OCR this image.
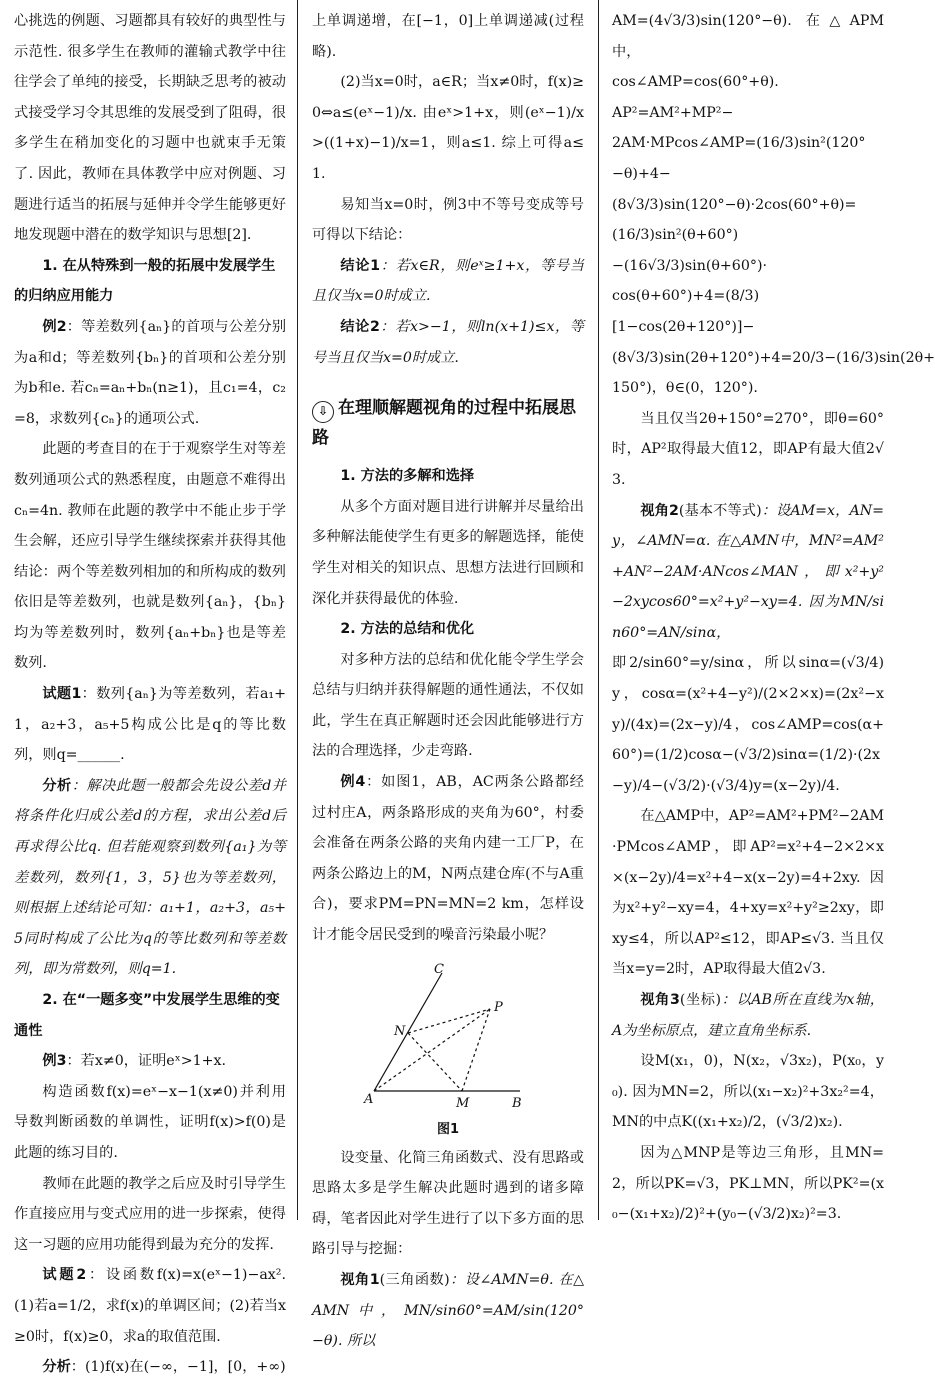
心挑选的例题、习题都具有较好的典型性与示范性. 很多学生在教师的灌输式教学中往往学会了单纯的接受，长期缺乏思考的被动式接受学习令其思维的发展受到了阻碍，很多学生在稍加变化的习题中也就束手无策了. 因此，教师在具体教学中应对例题、习题进行适当的拓展与延伸并令学生能够更好地发现题中潜在的数学知识与思想[2].

1. 在从特殊到一般的拓展中发展学生的归纳应用能力

例2：等差数列{aₙ}的首项与公差分别为a和d；等差数列{bₙ}的首项和公差分别为b和e. 若cₙ=aₙ+bₙ(n≥1)，且c₁=4，c₂=8，求数列{cₙ}的通项公式.

此题的考查目的在于于观察学生对等差数列通项公式的熟悉程度，由题意不难得出cₙ=4n. 教师在此题的教学中不能止步于学生会解，还应引导学生继续探索并获得其他结论：两个等差数列相加的和所构成的数列依旧是等差数列，也就是数列{aₙ}，{bₙ}均为等差数列时，数列{aₙ+bₙ}也是等差数列.

试题1：数列{aₙ}为等差数列，若a₁+1，a₂+3，a₅+5构成公比是q的等比数列，则q=______.

分析：解决此题一般都会先设公差d并将条件化归成公差d的方程，求出公差d后再求得公比q. 但若能观察到数列{a₁}为等差数列，数列{1，3，5}也为等差数列，则根据上述结论可知：a₁+1，a₂+3，a₅+5同时构成了公比为q的等比数列和等差数列，即为常数列，则q=1.

2. 在“一题多变”中发展学生思维的变通性

例3：若x≠0，证明eˣ>1+x.

构造函数f(x)=eˣ−x−1(x≠0)并利用导数判断函数的单调性，证明f(x)>f(0)是此题的练习目的.

教师在此题的教学之后应及时引导学生作直接应用与变式应用的进一步探索，使得这一习题的应用功能得到最为充分的发挥.

试题2：设函数f(x)=x(eˣ−1)−ax². (1)若a=1/2，求f(x)的单调区间；(2)若当x≥0时，f(x)≥0，求a的取值范围.

分析：(1)f(x)在(−∞，−1]，[0，+∞)

上单调递增，在[−1，0]上单调递减(过程略).

(2)当x=0时，a∈R；当x≠0时，f(x)≥0⇔a≤(eˣ−1)/x. 由eˣ>1+x，则(eˣ−1)/x>((1+x)−1)/x=1，则a≤1. 综上可得a≤1.

易知当x=0时，例3中不等号变成等号可得以下结论：

结论1：若x∈R，则eˣ≥1+x，等号当且仅当x=0时成立.

结论2：若x>−1，则ln(x+1)≤x，等号当且仅当x=0时成立.

⇩ 在理顺解题视角的过程中拓展思路

1. 方法的多解和选择

从多个方面对题目进行讲解并尽量给出多种解法能使学生有更多的解题选择，能使学生对相关的知识点、思想方法进行回顾和深化并获得最优的体验.

2. 方法的总结和优化

对多种方法的总结和优化能令学生学会总结与归纳并获得解题的通性通法，不仅如此，学生在真正解题时还会因此能够进行方法的合理选择，少走弯路.

例4：如图1，AB，AC两条公路都经过村庄A，两条路形成的夹角为60°，村委会准备在两条公路的夹角内建一工厂P，在两条公路边上的M，N两点建仓库(不与A重合)，要求PM=PN=MN=2 km，怎样设计才能令居民受到的噪音污染最小呢？

A	B
C
M
N
P

图1

设变量、化简三角函数式、没有思路或思路太多是学生解决此题时遇到的诸多障碍，笔者因此对学生进行了以下多方面的思路引导与挖掘：

视角1(三角函数)：设∠AMN=θ. 在△AMN中，MN/sin60°=AM/sin(120°−θ). 所以

AM=(4√3/3)sin(120°−θ). 在△APM中，

cos∠AMP=cos(60°+θ). AP²=AM²+MP²−

2AM·MPcos∠AMP=(16/3)sin²(120°−θ)+4−

(8√3/3)sin(120°−θ)·2cos(60°+θ)=

(16/3)sin²(θ+60°)−(16√3/3)sin(θ+60°)·

cos(θ+60°)+4=(8/3)[1−cos(2θ+120°)]−

(8√3/3)sin(2θ+120°)+4=20/3−(16/3)sin(2θ+

150°)，θ∈(0，120°).

当且仅当2θ+150°=270°，即θ=60°时，AP²取得最大值12，即AP有最大值2√3.

视角2(基本不等式)：设AM=x，AN=y，∠AMN=α. 在△AMN中，MN²=AM²+AN²−2AM·ANcos∠MAN，即x²+y²−2xycos60°=x²+y²−xy=4. 因为MN/sin60°=AN/sinα，

即2/sin60°=y/sinα，所以sinα=(√3/4)y，cosα=(x²+4−y²)/(2×2×x)=(2x²−xy)/(4x)=(2x−y)/4，cos∠AMP=cos(α+60°)=(1/2)cosα−(√3/2)sinα=(1/2)·(2x−y)/4−(√3/2)·(√3/4)y=(x−2y)/4.

在△AMP中，AP²=AM²+PM²−2AM·PMcos∠AMP，即AP²=x²+4−2×2×x×(x−2y)/4=x²+4−x(x−2y)=4+2xy. 因为x²+y²−xy=4，4+xy=x²+y²≥2xy，即xy≤4，所以AP²≤12，即AP≤√3. 当且仅当x=y=2时，AP取得最大值2√3.

视角3(坐标)：以AB所在直线为x轴，A为坐标原点，建立直角坐标系.

设M(x₁，0)，N(x₂，√3x₂)，P(x₀，y₀). 因为MN=2，所以(x₁−x₂)²+3x₂²=4，MN的中点K((x₁+x₂)/2，(√3/2)x₂).

因为△MNP是等边三角形，且MN=2，所以PK=√3，PK⊥MN，所以PK²=(x₀−(x₁+x₂)/2)²+(y₀−(√3/2)x₂)²=3.
